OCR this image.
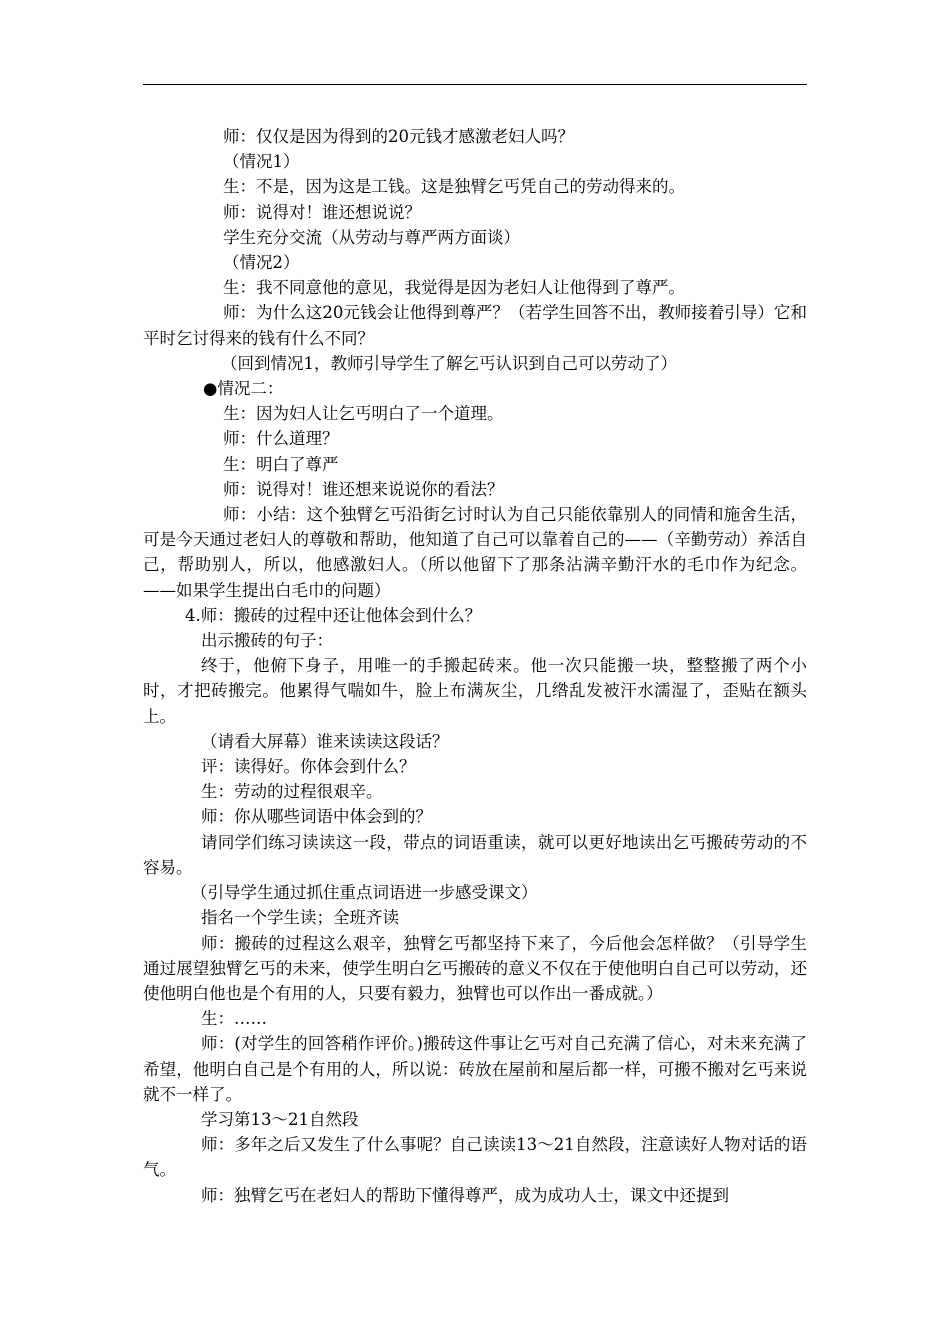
师：仅仅是因为得到的20元钱才感激老妇人吗？

（情况1）

生：不是，因为这是工钱。这是独臂乞丐凭自己的劳动得来的。

师：说得对！谁还想说说？

学生充分交流（从劳动与尊严两方面谈）

（情况2）

生：我不同意他的意见，我觉得是因为老妇人让他得到了尊严。

师：为什么这20元钱会让他得到尊严？（若学生回答不出，教师接着引导）它和平时乞讨得来的钱有什么不同？

（回到情况1，教师引导学生了解乞丐认识到自己可以劳动了）

●情况二：

生：因为妇人让乞丐明白了一个道理。

师：什么道理？

生：明白了尊严

师：说得对！谁还想来说说你的看法？

师：小结：这个独臂乞丐沿街乞讨时认为自己只能依靠别人的同情和施舍生活，可是今天通过老妇人的尊敬和帮助，他知道了自己可以靠着自己的——（辛勤劳动）养活自己，帮助别人，所以，他感激妇人。（所以他留下了那条沾满辛勤汗水的毛巾作为纪念。——如果学生提出白毛巾的问题）

4.师：搬砖的过程中还让他体会到什么？

出示搬砖的句子：

终于，他俯下身子，用唯一的手搬起砖来。他一次只能搬一块，整整搬了两个小时，才把砖搬完。他累得气喘如牛，脸上布满灰尘，几绺乱发被汗水濡湿了，歪贴在额头上。

（请看大屏幕）谁来读读这段话？

评：读得好。你体会到什么？

生：劳动的过程很艰辛。

师：你从哪些词语中体会到的？

请同学们练习读读这一段，带点的词语重读，就可以更好地读出乞丐搬砖劳动的不容易。

（引导学生通过抓住重点词语进一步感受课文）

指名一个学生读；全班齐读

师：搬砖的过程这么艰辛，独臂乞丐都坚持下来了，今后他会怎样做？（引导学生通过展望独臂乞丐的未来，使学生明白乞丐搬砖的意义不仅在于使他明白自己可以劳动，还使他明白他也是个有用的人，只要有毅力，独臂也可以作出一番成就。）

生：……

师：(对学生的回答稍作评价。)搬砖这件事让乞丐对自己充满了信心，对未来充满了希望，他明白自己是个有用的人，所以说：砖放在屋前和屋后都一样，可搬不搬对乞丐来说就不一样了。

学习第13～21自然段

师：多年之后又发生了什么事呢？自己读读13～21自然段，注意读好人物对话的语气。

师：独臂乞丐在老妇人的帮助下懂得尊严，成为成功人士，课文中还提到
